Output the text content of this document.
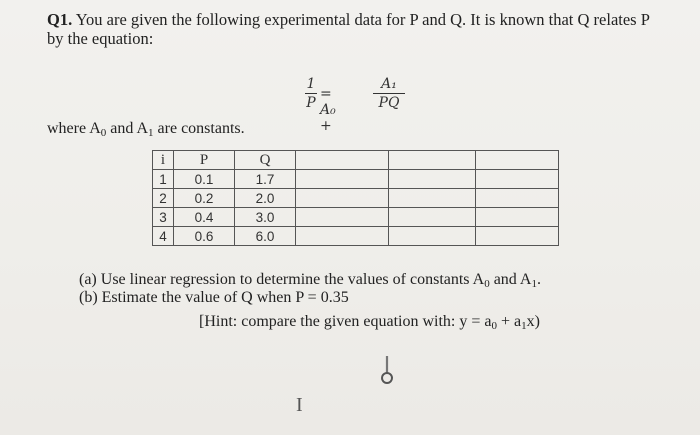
Q1. You are given the following experimental data for P and Q. It is known that Q relates P by the equation:

1
P
= A₀ +
A₁
PQ

where $A_0$ and $A_1$ are constants.

i	P	Q			
1	0.1	1.7			
2	0.2	2.0			
3	0.4	3.0			
4	0.6	6.0			
(a) Use linear regression to determine the values of constants $A_0$ and $A_1$.
(b) Estimate the value of Q when P = 0.35

[Hint: compare the given equation with: $y = a_0 + a_1x$)

I
